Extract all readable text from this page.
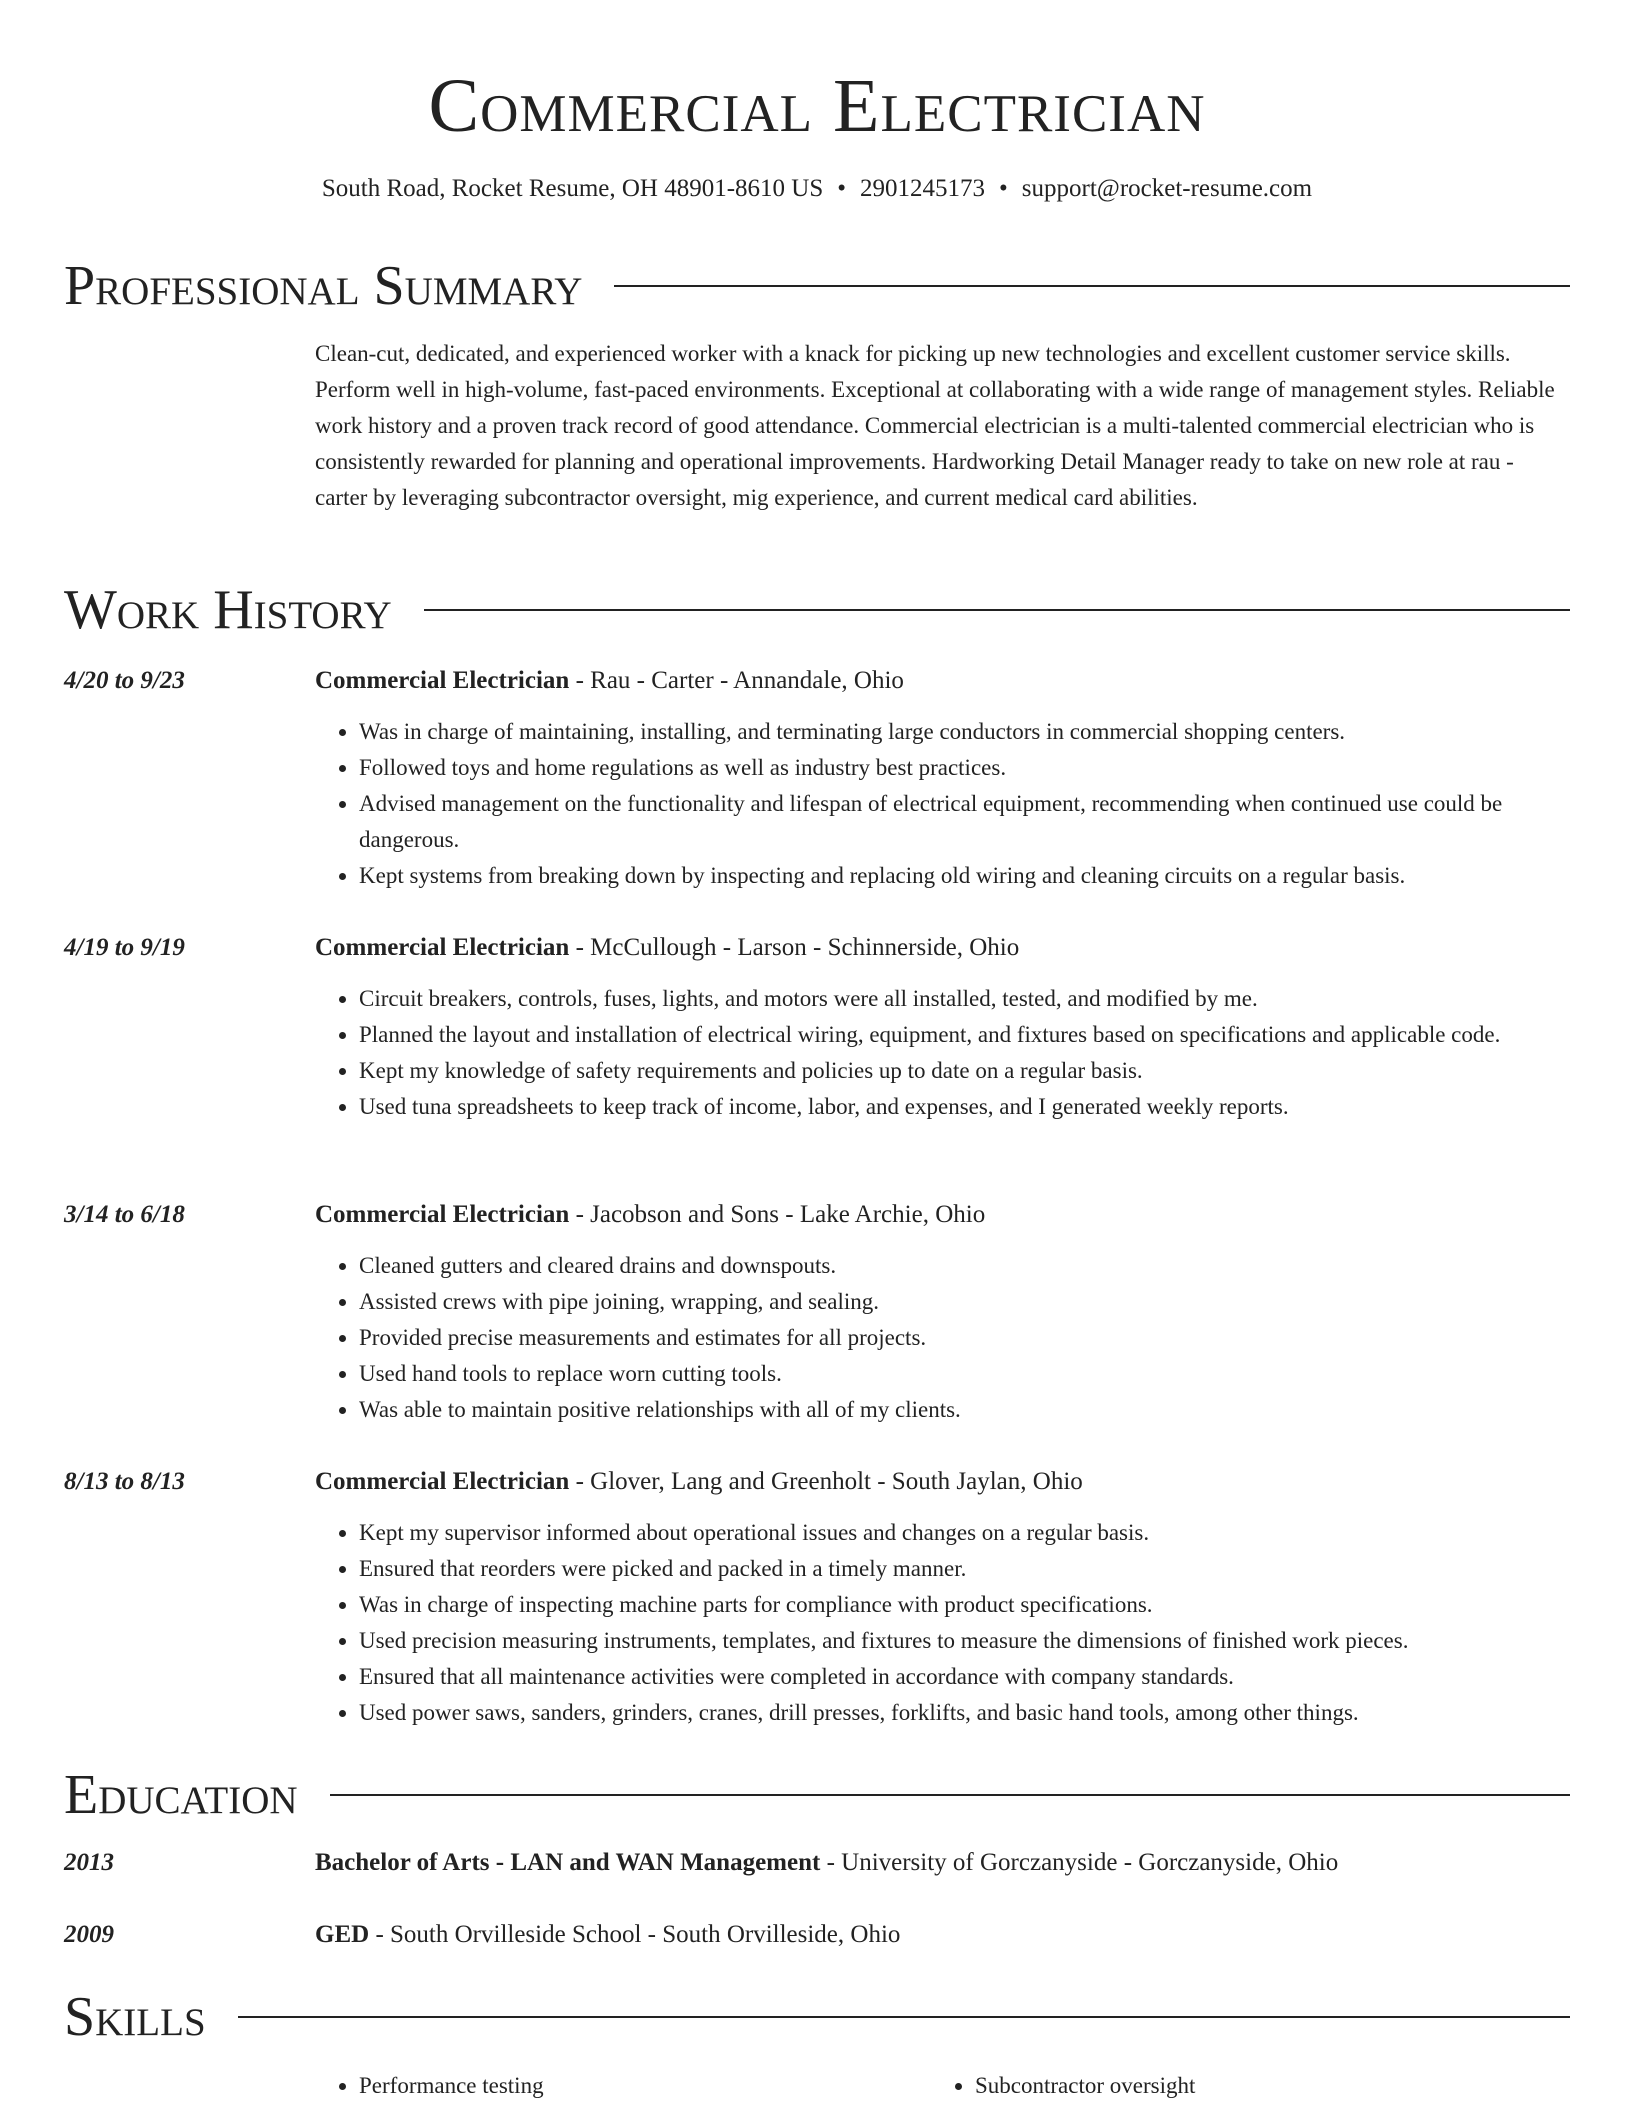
Commercial Electrician
South Road, Rocket Resume, OH 48901-8610 US • 2901245173 • support@rocket-resume.com
Professional Summary

Clean-cut, dedicated, and experienced worker with a knack for picking up new technologies and excellent customer service skills. Perform well in high-volume, fast-paced environments. Exceptional at collaborating with a wide range of management styles. Reliable work history and a proven track record of good attendance. Commercial electrician is a multi-talented commercial electrician who is consistently rewarded for planning and operational improvements. Hardworking Detail Manager ready to take on new role at rau - carter by leveraging subcontractor oversight, mig experience, and current medical card abilities.

Work History
4/20 to 9/23	Commercial Electrician - Rau - Carter - Annandale, Ohio
• Was in charge of maintaining, installing, and terminating large conductors in commercial shopping centers.
• Followed toys and home regulations as well as industry best practices.
• Advised management on the functionality and lifespan of electrical equipment, recommending when continued use could be dangerous.
• Kept systems from breaking down by inspecting and replacing old wiring and cleaning circuits on a regular basis.
4/19 to 9/19	Commercial Electrician - McCullough - Larson - Schinnerside, Ohio
• Circuit breakers, controls, fuses, lights, and motors were all installed, tested, and modified by me.
• Planned the layout and installation of electrical wiring, equipment, and fixtures based on specifications and applicable code.
• Kept my knowledge of safety requirements and policies up to date on a regular basis.
• Used tuna spreadsheets to keep track of income, labor, and expenses, and I generated weekly reports.
3/14 to 6/18	Commercial Electrician - Jacobson and Sons - Lake Archie, Ohio
• Cleaned gutters and cleared drains and downspouts.
• Assisted crews with pipe joining, wrapping, and sealing.
• Provided precise measurements and estimates for all projects.
• Used hand tools to replace worn cutting tools.
• Was able to maintain positive relationships with all of my clients.
8/13 to 8/13	Commercial Electrician - Glover, Lang and Greenholt - South Jaylan, Ohio
• Kept my supervisor informed about operational issues and changes on a regular basis.
• Ensured that reorders were picked and packed in a timely manner.
• Was in charge of inspecting machine parts for compliance with product specifications.
• Used precision measuring instruments, templates, and fixtures to measure the dimensions of finished work pieces.
• Ensured that all maintenance activities were completed in accordance with company standards.
• Used power saws, sanders, grinders, cranes, drill presses, forklifts, and basic hand tools, among other things.
Education
2013	Bachelor of Arts - LAN and WAN Management - University of Gorczanyside - Gorczanyside, Ohio
2009	GED - South Orvilleside School - South Orvilleside, Ohio
Skills
• Performance testing
•	Subcontractor oversight
